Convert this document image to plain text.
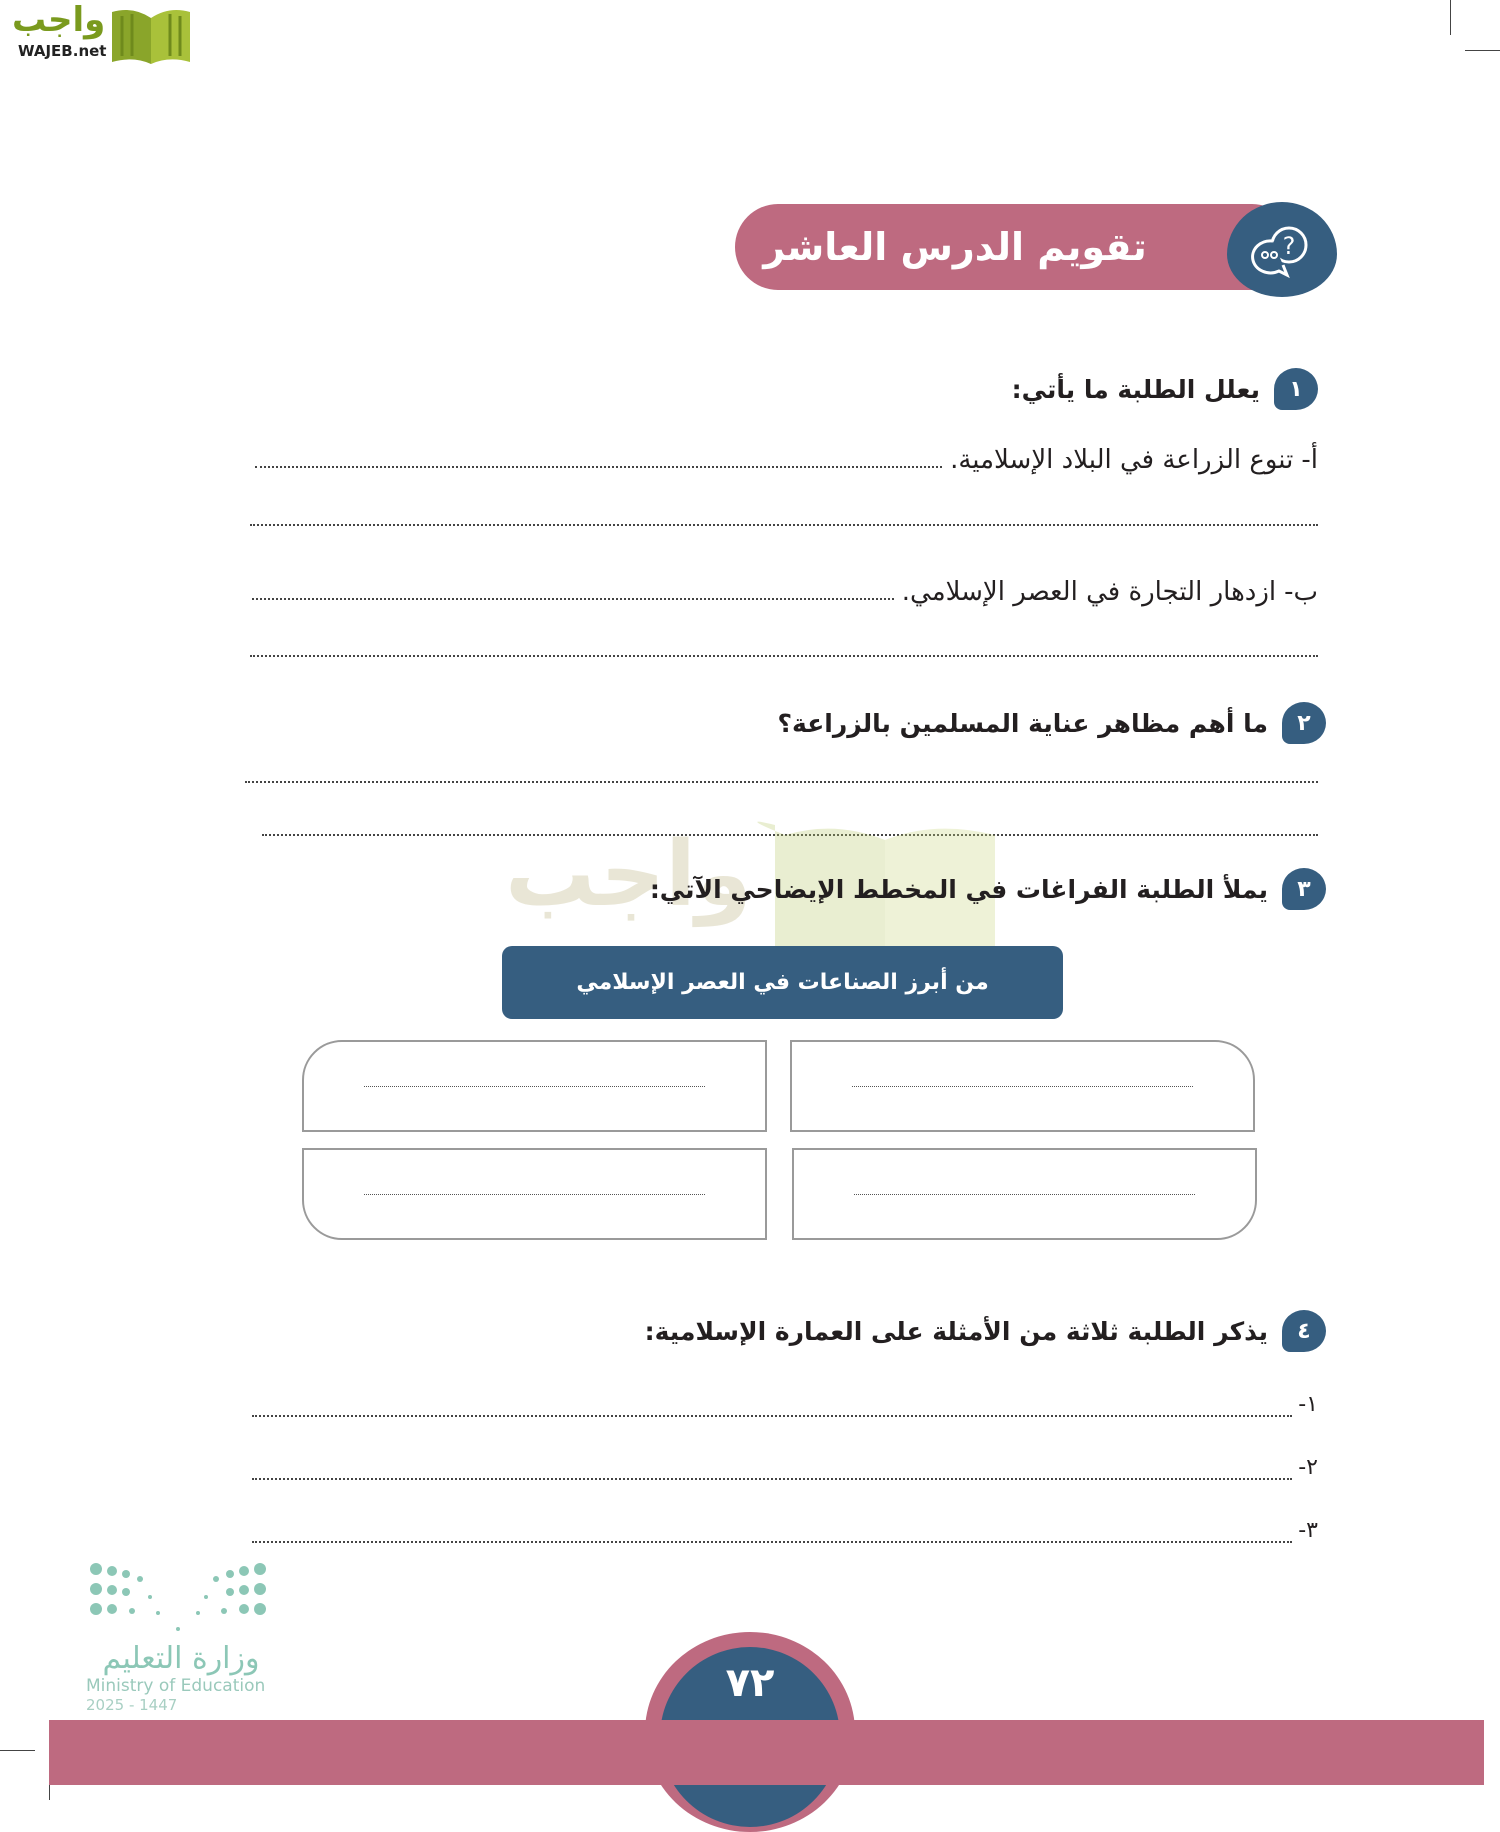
واجب
WAJEB.net
تقويم الدرس العاشر	?
١
يعلل الطلبة ما يأتي:
أ-
تنوع الزراعة في البلاد الإسلامية.
ب-
ازدهار التجارة في العصر الإسلامي.
٢
ما أهم مظاهر عناية المسلمين بالزراعة؟
واجب	٣
يملأ الطلبة الفراغات في المخطط الإيضاحي الآتي:
من أبرز الصناعات في العصر الإسلامي
٤
يذكر الطلبة ثلاثة من الأمثلة على العمارة الإسلامية:
١-
٢-
٣-
وزارة التعليم
Ministry of Education
2025 - 1447	٧٢
